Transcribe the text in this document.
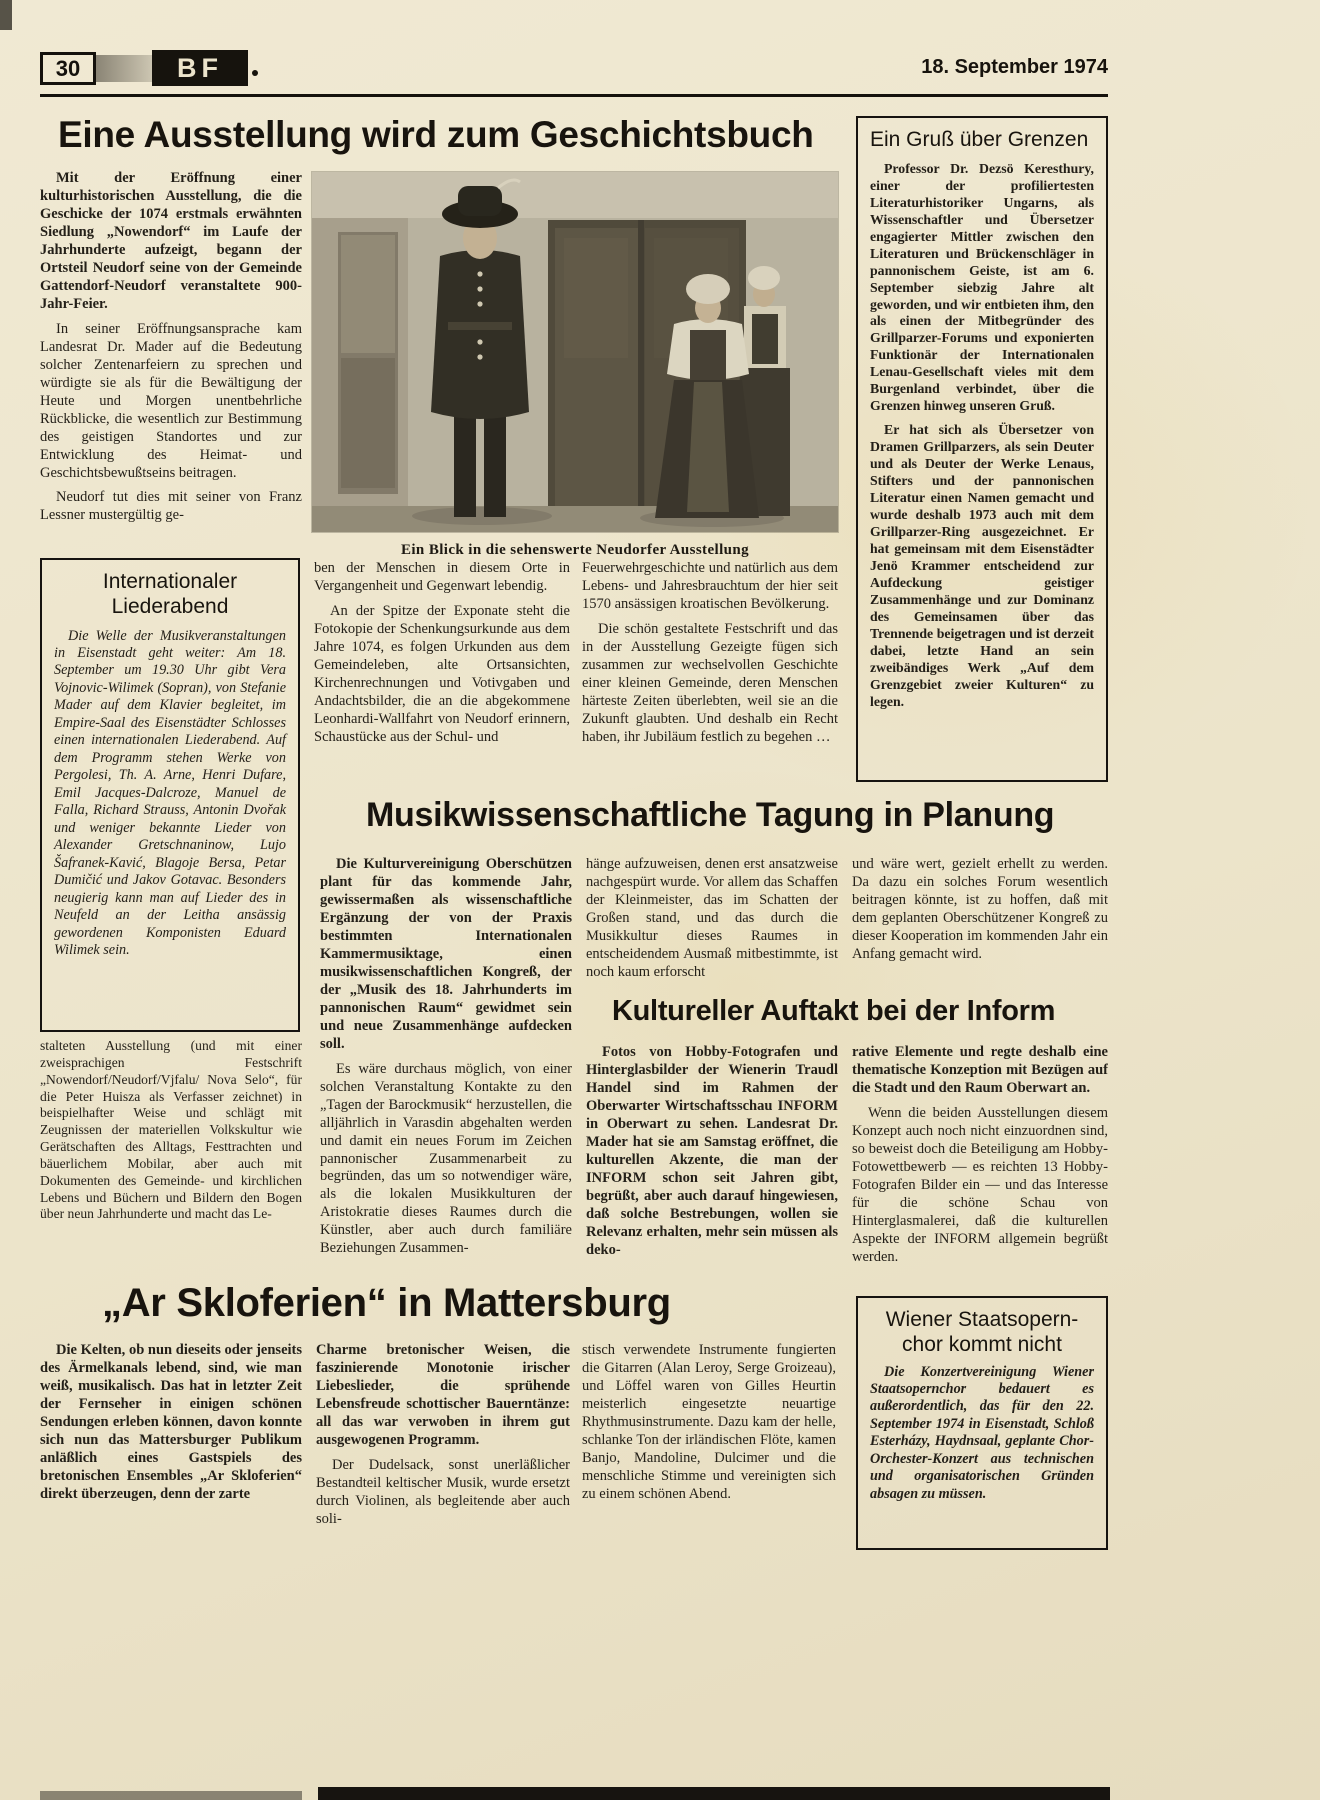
30	BF	18. September 1974
Eine Ausstellung wird zum Geschichtsbuch

Mit der Eröffnung einer kulturhistorischen Ausstellung, die die Geschicke der 1074 erstmals erwähnten Siedlung „Nowendorf“ im Laufe der Jahrhunderte aufzeigt, begann der Ortsteil Neudorf seine von der Gemeinde Gattendorf-Neudorf veranstaltete 900-Jahr-Feier.

In seiner Eröffnungsansprache kam Landesrat Dr. Mader auf die Bedeutung solcher Zentenarfeiern zu sprechen und würdigte sie als für die Bewältigung der Heute und Morgen unentbehrliche Rückblicke, die wesentlich zur Bestimmung des geistigen Standortes und zur Entwicklung des Heimat- und Geschichtsbewußtseins beitragen.

Neudorf tut dies mit seiner von Franz Lessner mustergültig ge-

Ein Blick in die sehenswerte Neudorfer Ausstellung
Ein Gruß über Grenzen

Professor Dr. Dezsö Keresthury, einer der profiliertesten Literaturhistoriker Ungarns, als Wissenschaftler und Übersetzer engagierter Mittler zwischen den Literaturen und Brückenschläger in pannonischem Geiste, ist am 6. September siebzig Jahre alt geworden, und wir entbieten ihm, den als einen der Mitbegründer des Grillparzer-Forums und exponierten Funktionär der Internationalen Lenau-Gesellschaft vieles mit dem Burgenland verbindet, über die Grenzen hinweg unseren Gruß.

Er hat sich als Übersetzer von Dramen Grillparzers, als sein Deuter und als Deuter der Werke Lenaus, Stifters und der pannonischen Literatur einen Namen gemacht und wurde deshalb 1973 auch mit dem Grillparzer-Ring ausgezeichnet. Er hat gemeinsam mit dem Eisenstädter Jenö Krammer entscheidend zur Aufdeckung geistiger Zusammenhänge und zur Dominanz des Gemeinsamen über das Trennende beigetragen und ist derzeit dabei, letzte Hand an sein zweibändiges Werk „Auf dem Grenzgebiet zweier Kulturen“ zu legen.

Internationaler Liederabend

Die Welle der Musikveranstaltungen in Eisenstadt geht weiter: Am 18. September um 19.30 Uhr gibt Vera Vojnovic-Wilimek (Sopran), von Stefanie Mader auf dem Klavier begleitet, im Empire-Saal des Eisenstädter Schlosses einen internationalen Liederabend. Auf dem Programm stehen Werke von Pergolesi, Th. A. Arne, Henri Dufare, Emil Jacques-Dalcroze, Manuel de Falla, Richard Strauss, Antonin Dvořak und weniger bekannte Lieder von Alexander Gretschnaninow, Lujo Šafranek-Kavić, Blagoje Bersa, Petar Dumičić und Jakov Gotavac. Besonders neugierig kann man auf Lieder des in Neufeld an der Leitha ansässig gewordenen Komponisten Eduard Wilimek sein.

ben der Menschen in diesem Orte in Vergangenheit und Gegenwart lebendig.

An der Spitze der Exponate steht die Fotokopie der Schenkungsurkunde aus dem Jahre 1074, es folgen Urkunden aus dem Gemeindeleben, alte Ortsansichten, Kirchenrechnungen und Votivgaben und Andachtsbilder, die an die abgekommene Leonhardi-Wallfahrt von Neudorf erinnern, Schaustücke aus der Schul- und

Feuerwehrgeschichte und natürlich aus dem Lebens- und Jahresbrauchtum der hier seit 1570 ansässigen kroatischen Bevölkerung.

Die schön gestaltete Festschrift und das in der Ausstellung Gezeigte fügen sich zusammen zur wechselvollen Geschichte einer kleinen Gemeinde, deren Menschen härteste Zeiten überlebten, weil sie an die Zukunft glaubten. Und deshalb ein Recht haben, ihr Jubiläum festlich zu begehen …

Musikwissenschaftliche Tagung in Planung

Die Kulturvereinigung Oberschützen plant für das kommende Jahr, gewissermaßen als wissenschaftliche Ergänzung der von der Praxis bestimmten Internationalen Kammermusiktage, einen musikwissenschaftlichen Kongreß, der der „Musik des 18. Jahrhunderts im pannonischen Raum“ gewidmet sein und neue Zusammenhänge aufdecken soll.

Es wäre durchaus möglich, von einer solchen Veranstaltung Kontakte zu den „Tagen der Barockmusik“ herzustellen, die alljährlich in Varasdin abgehalten werden und damit ein neues Forum im Zeichen pannonischer Zusammenarbeit zu begründen, das um so notwendiger wäre, als die lokalen Musikkulturen der Aristokratie dieses Raumes durch die Künstler, aber auch durch familiäre Beziehungen Zusammen-

hänge aufzuweisen, denen erst ansatzweise nachgespürt wurde. Vor allem das Schaffen der Kleinmeister, das im Schatten der Großen stand, und das durch die Musikkultur dieses Raumes in entscheidendem Ausmaß mitbestimmte, ist noch kaum erforscht

und wäre wert, gezielt erhellt zu werden. Da dazu ein solches Forum wesentlich beitragen könnte, ist zu hoffen, daß mit dem geplanten Oberschützener Kongreß zu dieser Kooperation im kommenden Jahr ein Anfang gemacht wird.

Kultureller Auftakt bei der Inform

Fotos von Hobby-Fotografen und Hinterglasbilder der Wienerin Traudl Handel sind im Rahmen der Oberwarter Wirtschaftsschau INFORM in Oberwart zu sehen. Landesrat Dr. Mader hat sie am Samstag eröffnet, die kulturellen Akzente, die man der INFORM schon seit Jahren gibt, begrüßt, aber auch darauf hingewiesen, daß solche Bestrebungen, wollen sie Relevanz erhalten, mehr sein müssen als deko-

rative Elemente und regte deshalb eine thematische Konzeption mit Bezügen auf die Stadt und den Raum Oberwart an.

Wenn die beiden Ausstellungen diesem Konzept auch noch nicht einzuordnen sind, so beweist doch die Beteiligung am Hobby-Fotowettbewerb — es reichten 13 Hobby-Fotografen Bilder ein — und das Interesse für die schöne Schau von Hinterglasmalerei, daß die kulturellen Aspekte der INFORM allgemein begrüßt werden.

stalteten Ausstellung (und mit einer zweisprachigen Festschrift „Nowendorf/Neudorf/Vjfalu/ Nova Selo“, für die Peter Huisza als Verfasser zeichnet) in beispielhafter Weise und schlägt mit Zeugnissen der materiellen Volkskultur wie Gerätschaften des Alltags, Festtrachten und bäuerlichem Mobilar, aber auch mit Dokumenten des Gemeinde- und kirchlichen Lebens und Büchern und Bildern den Bogen über neun Jahrhunderte und macht das Le-

„Ar Skloferien“ in Mattersburg

Die Kelten, ob nun dieseits oder jenseits des Ärmelkanals lebend, sind, wie man weiß, musikalisch. Das hat in letzter Zeit der Fernseher in einigen schönen Sendungen erleben können, davon konnte sich nun das Mattersburger Publikum anläßlich eines Gastspiels des bretonischen Ensembles „Ar Skloferien“ direkt überzeugen, denn der zarte

Charme bretonischer Weisen, die faszinierende Monotonie irischer Liebeslieder, die sprühende Lebensfreude schottischer Bauerntänze: all das war verwoben in ihrem gut ausgewogenen Programm.

Der Dudelsack, sonst unerläßlicher Bestandteil keltischer Musik, wurde ersetzt durch Violinen, als begleitende aber auch soli-

stisch verwendete Instrumente fungierten die Gitarren (Alan Leroy, Serge Groizeau), und Löffel waren von Gilles Heurtin meisterlich eingesetzte neuartige Rhythmusinstrumente. Dazu kam der helle, schlanke Ton der irländischen Flöte, kamen Banjo, Mandoline, Dulcimer und die menschliche Stimme und vereinigten sich zu einem schönen Abend.

Wiener Staatsopern-
chor kommt nicht

Die Konzertvereinigung Wiener Staatsopernchor bedauert es außerordentlich, das für den 22. September 1974 in Eisenstadt, Schloß Esterházy, Haydnsaal, geplante Chor-Orchester-Konzert aus technischen und organisatorischen Gründen absagen zu müssen.
